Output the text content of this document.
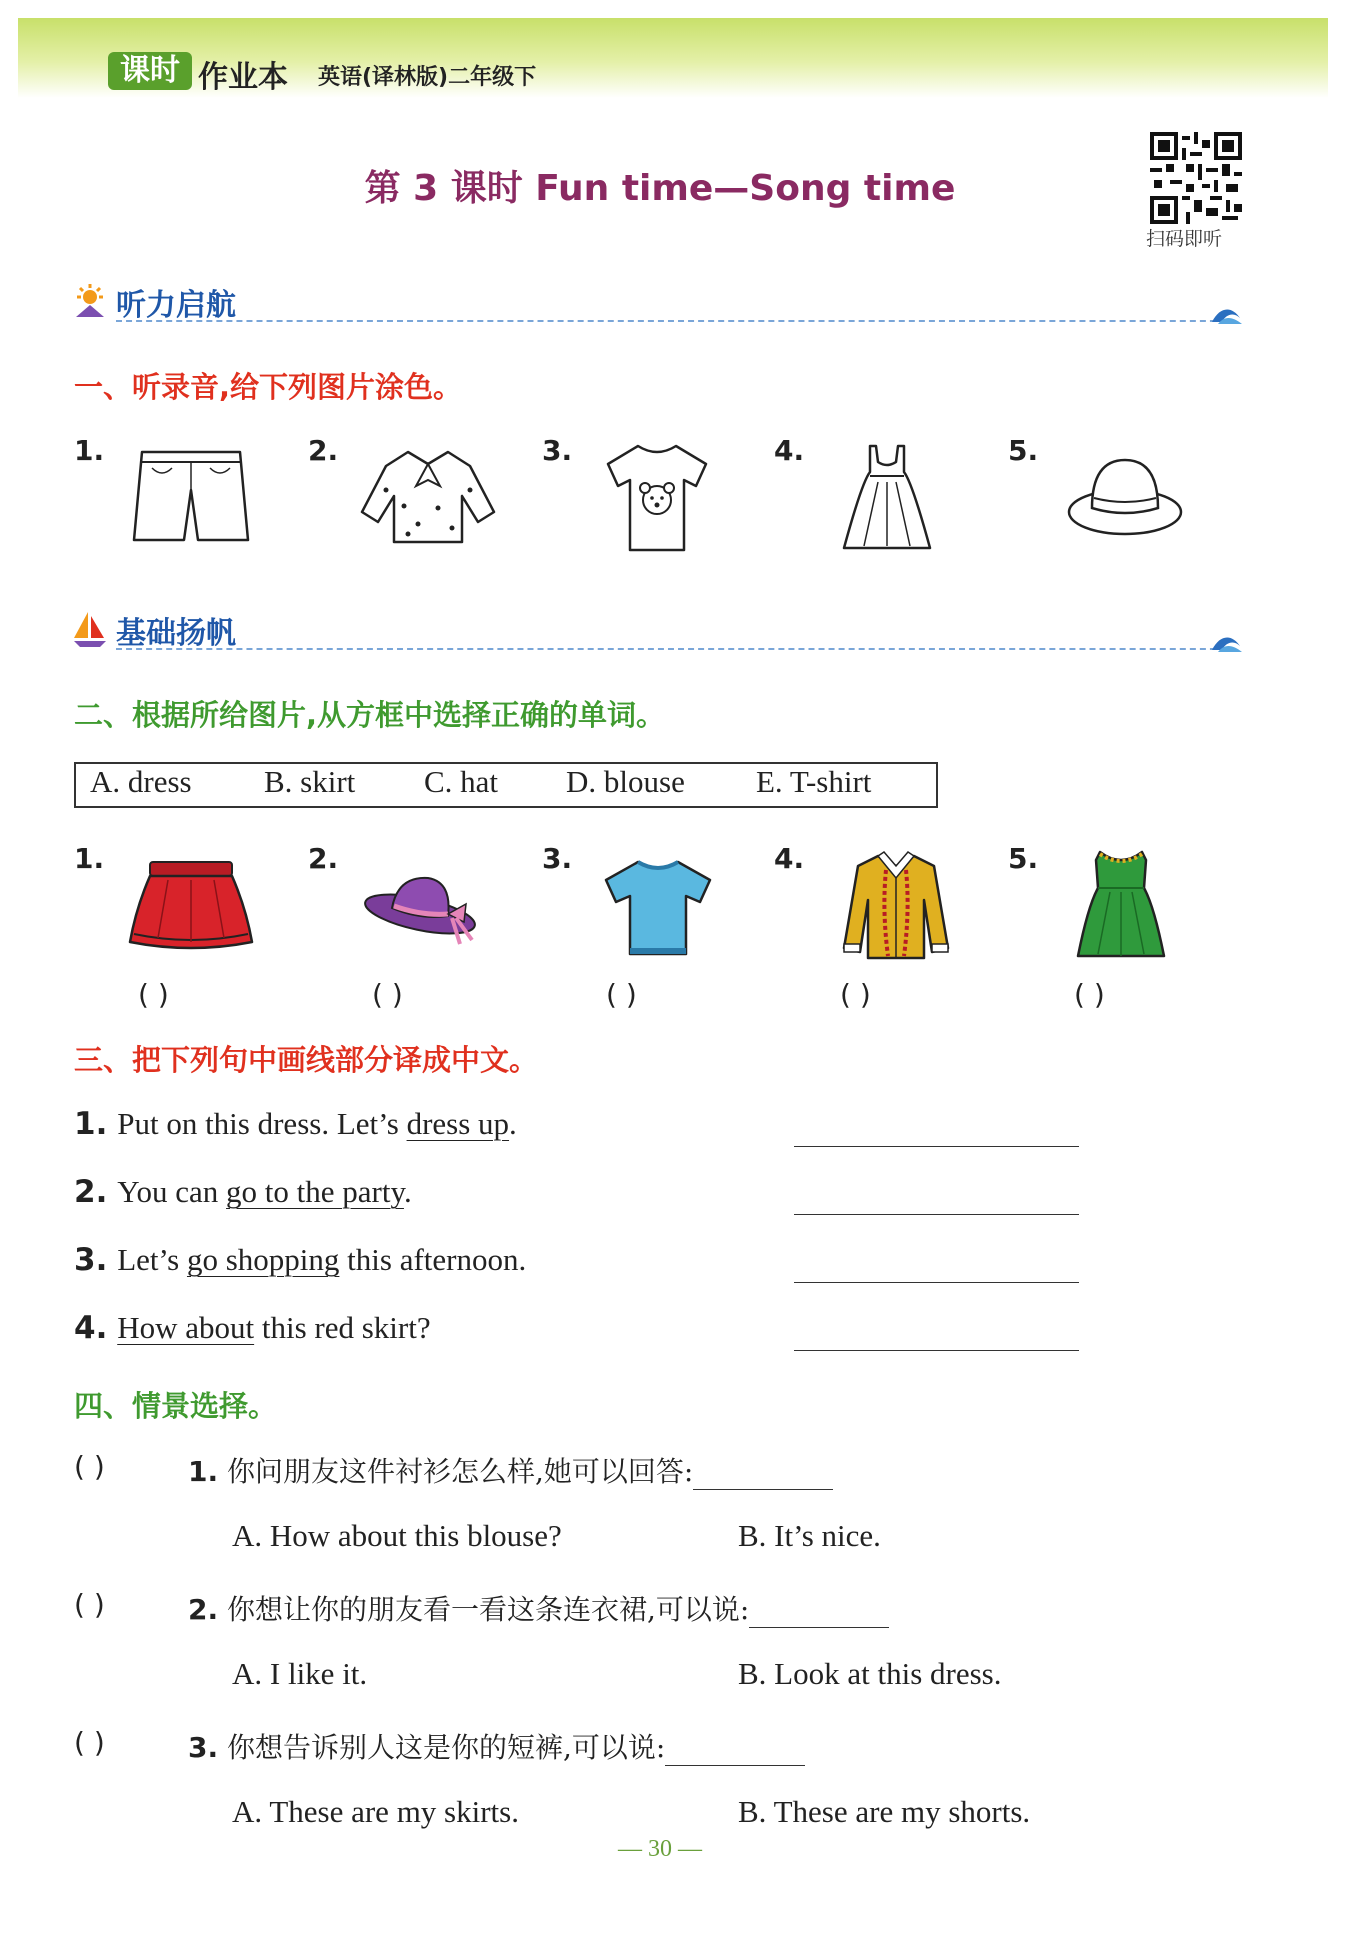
课时 作业本 英语(译林版)二年级下
第 3 课时 Fun time—Song time
扫码即听
听力启航
一、听录音,给下列图片涂色。
1.	2.	3.	4.	5.
基础扬帆
二、根据所给图片,从方框中选择正确的单词。
A. dress B. skirt C. hat D. blouse E. T-shirt
1.	2.	3.	4.	5.
( )	( )	( )	( )	( )
三、把下列句中画线部分译成中文。
1. Put on this dress. Let’s dress up.
2. You can go to the party.
3. Let’s go shopping this afternoon.
4. How about this red skirt?
四、情景选择。
( )	1. 你问朋友这件衬衫怎么样,她可以回答:
A. How about this blouse?	B. It’s nice.
( )	2. 你想让你的朋友看一看这条连衣裙,可以说:
A. I like it.	B. Look at this dress.
( )	3. 你想告诉别人这是你的短裤,可以说:
A. These are my skirts.	B. These are my shorts.
— 30 —
